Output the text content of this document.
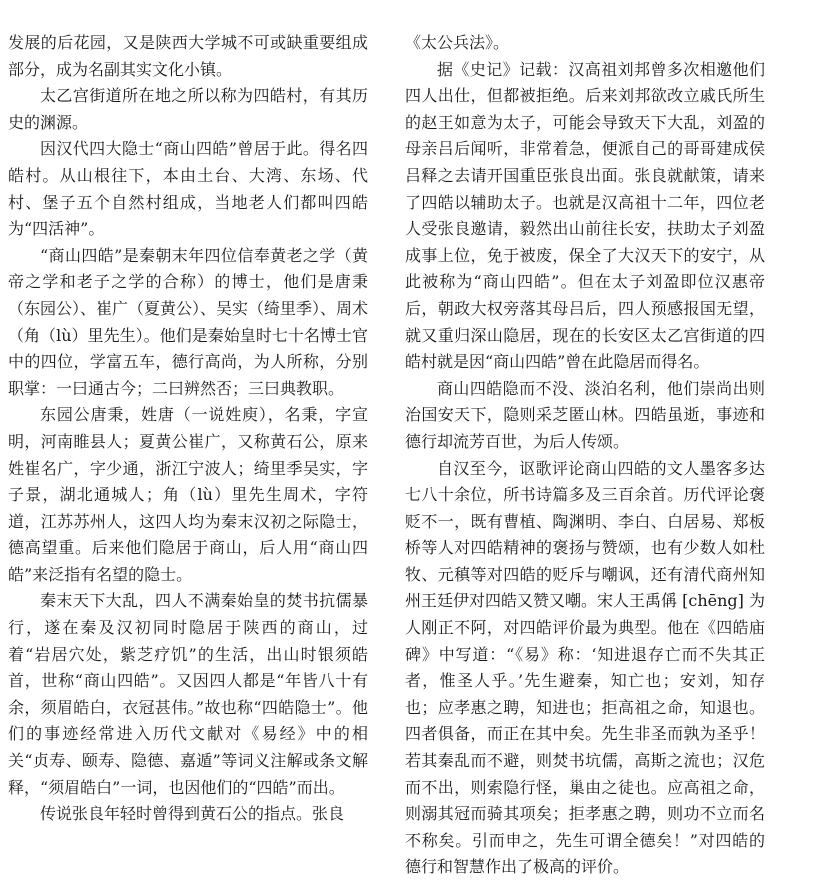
发展的后花园，又是陕西大学城不可或缺重要组成部分，成为名副其实文化小镇。

太乙宫街道所在地之所以称为四皓村，有其历史的渊源。

因汉代四大隐士“商山四皓”曾居于此。得名四皓村。从山根往下，本由土台、大湾、东场、代村、堡子五个自然村组成，当地老人们都叫四皓为“四活神”。

“商山四皓”是秦朝末年四位信奉黄老之学（黄帝之学和老子之学的合称）的博士，他们是唐秉（东园公）、崔广（夏黄公）、吴实（绮里季）、周术（角（lù）里先生）。他们是秦始皇时七十名博士官中的四位，学富五车，德行高尚，为人所称，分别职掌：一曰通古今；二曰辨然否；三曰典教职。

东园公唐秉，姓唐（一说姓庾），名秉，字宣明，河南睢县人；夏黄公崔广，又称黄石公，原来姓崔名广，字少通，浙江宁波人；绮里季吴实，字子景，湖北通城人；角（lù）里先生周术，字符道，江苏苏州人，这四人均为秦末汉初之际隐士，德高望重。后来他们隐居于商山，后人用“商山四皓”来泛指有名望的隐士。

秦末天下大乱，四人不满秦始皇的焚书抗儒暴行，遂在秦及汉初同时隐居于陕西的商山，过着“岩居穴处，紫芝疗饥”的生活，出山时银须皓首，世称“商山四皓”。又因四人都是“年皆八十有余，须眉皓白，衣冠甚伟。”故也称“四皓隐士”。他们的事迹经常进入历代文献对《易经》中的相关“贞寿、颐寿、隐德、嘉遁”等词义注解或条文解释，“须眉皓白”一词，也因他们的“四皓”而出。

传说张良年轻时曾得到黄石公的指点。张良

《太公兵法》。

据《史记》记载：汉高祖刘邦曾多次相邀他们四人出仕，但都被拒绝。后来刘邦欲改立戚氏所生的赵王如意为太子，可能会导致天下大乱，刘盈的母亲吕后闻听，非常着急，便派自己的哥哥建成侯吕释之去请开国重臣张良出面。张良就献策，请来了四皓以辅助太子。也就是汉高祖十二年，四位老人受张良邀请，毅然出山前往长安，扶助太子刘盈成事上位，免于被废，保全了大汉天下的安宁，从此被称为“商山四皓”。但在太子刘盈即位汉惠帝后，朝政大权旁落其母吕后，四人预感报国无望，就又重归深山隐居，现在的长安区太乙宫街道的四皓村就是因“商山四皓”曾在此隐居而得名。

商山四皓隐而不没、淡泊名利，他们崇尚出则治国安天下，隐则采芝匿山林。四皓虽逝，事迹和德行却流芳百世，为后人传颂。

自汉至今，讴歌评论商山四皓的文人墨客多达七八十余位，所书诗篇多及三百余首。历代评论褒贬不一，既有曹植、陶渊明、李白、白居易、郑板桥等人对四皓精神的褒扬与赞颂，也有少数人如杜牧、元稹等对四皓的贬斥与嘲讽，还有清代商州知州王廷伊对四皓又赞又嘲。宋人王禹偁 [chēng] 为人刚正不阿，对四皓评价最为典型。他在《四皓庙碑》中写道：“《易》称：‘知进退存亡而不失其正者，惟圣人乎。’先生避秦，知亡也；安刘，知存也；应孝惠之聘，知进也；拒高祖之命，知退也。四者俱备，而正在其中矣。先生非圣而孰为圣乎！若其秦乱而不避，则焚书坑儒，高斯之流也；汉危而不出，则索隐行怪，巢由之徒也。应高祖之命，则溺其冠而骑其项矣；拒孝惠之聘，则功不立而名不称矣。引而申之，先生可谓全德矣！”对四皓的德行和智慧作出了极高的评价。
